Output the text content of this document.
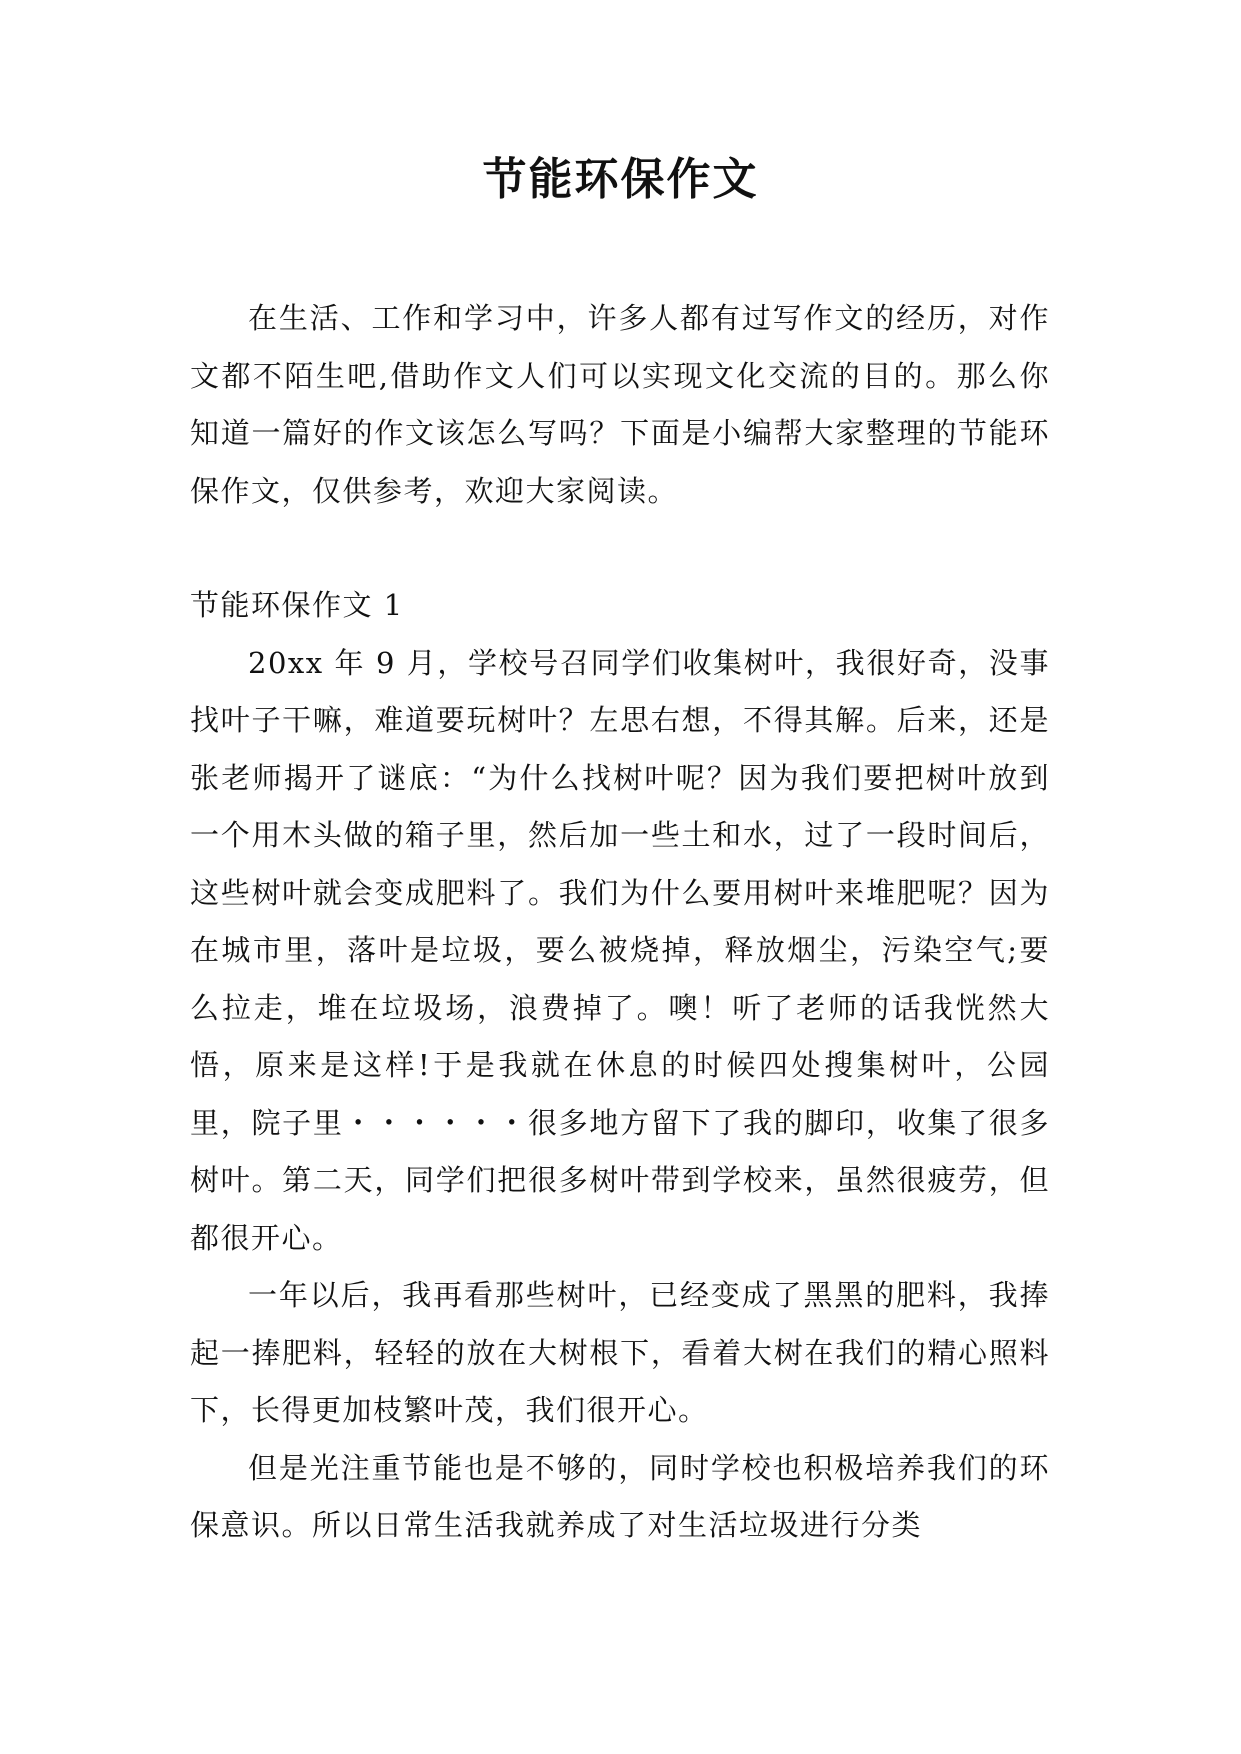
节能环保作文

在生活、工作和学习中，许多人都有过写作文的经历，对作文都不陌生吧,借助作文人们可以实现文化交流的目的。那么你知道一篇好的作文该怎么写吗？下面是小编帮大家整理的节能环保作文，仅供参考，欢迎大家阅读。

节能环保作文 1

20xx 年 9 月，学校号召同学们收集树叶，我很好奇，没事找叶子干嘛，难道要玩树叶？左思右想，不得其解。后来，还是张老师揭开了谜底：“为什么找树叶呢？因为我们要把树叶放到一个用木头做的箱子里，然后加一些土和水，过了一段时间后，这些树叶就会变成肥料了。我们为什么要用树叶来堆肥呢？因为在城市里，落叶是垃圾，要么被烧掉，释放烟尘，污染空气;要么拉走，堆在垃圾场，浪费掉了。噢！听了老师的话我恍然大悟，原来是这样!于是我就在休息的时候四处搜集树叶，公园里，院子里・・・・・・很多地方留下了我的脚印，收集了很多树叶。第二天，同学们把很多树叶带到学校来，虽然很疲劳，但都很开心。

一年以后，我再看那些树叶，已经变成了黑黑的肥料，我捧起一捧肥料，轻轻的放在大树根下，看着大树在我们的精心照料下，长得更加枝繁叶茂，我们很开心。

但是光注重节能也是不够的，同时学校也积极培养我们的环保意识。所以日常生活我就养成了对生活垃圾进行分类
